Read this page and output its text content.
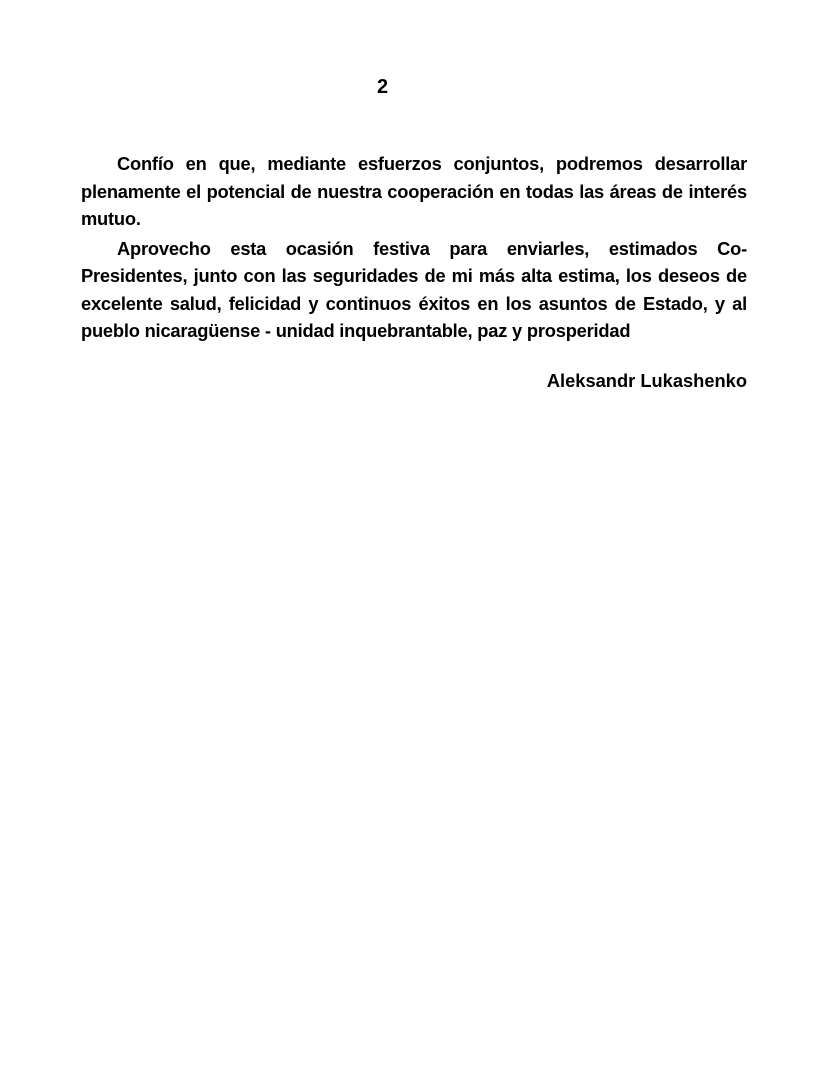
2

Confío en que, mediante esfuerzos conjuntos, podremos desarrollar plenamente el potencial de nuestra cooperación en todas las áreas de interés mutuo.

Aprovecho esta ocasión festiva para enviarles, estimados Co-Presidentes, junto con las seguridades de mi más alta estima, los deseos de excelente salud, felicidad y continuos éxitos en los asuntos de Estado, y al pueblo nicaragüense - unidad inquebrantable, paz y prosperidad

Aleksandr Lukashenko
